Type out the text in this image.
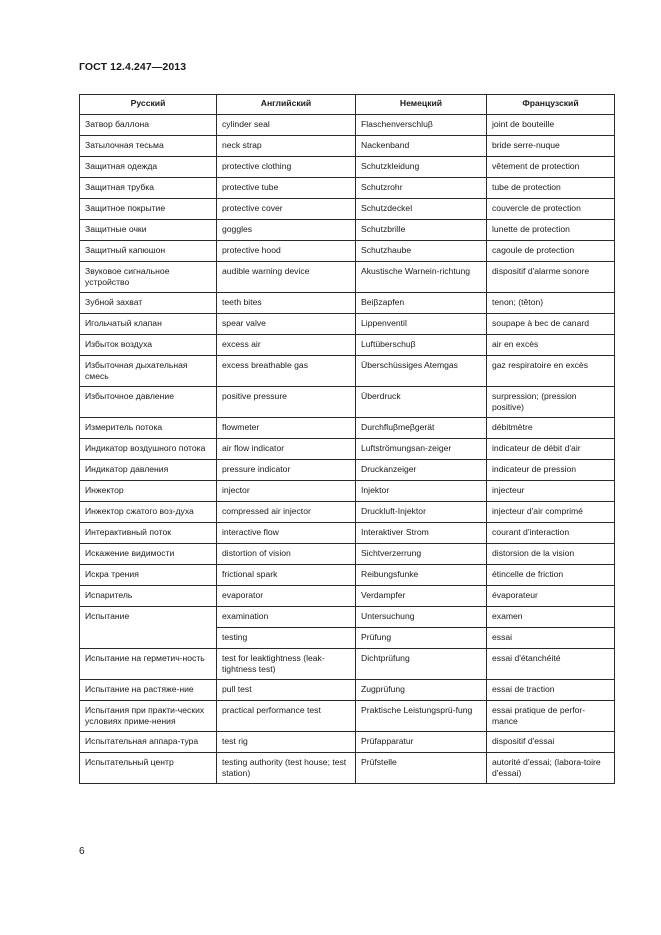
ГОСТ 12.4.247—2013
Русский	Английский	Немецкий	Французский
Затвор баллона	cylinder seal	Flaschenverschluβ	joint de bouteille
Затылочная тесьма	neck strap	Nackenband	bride serre-nuque
Защитная одежда	protective clothing	Schutzkleidung	vêtement de protection
Защитная трубка	protective tube	Schutzrohr	tube de protection
Защитное покрытие	protective cover	Schutzdeckel	couvercle de protection
Защитные очки	goggles	Schutzbrille	lunette de protection
Защитный капюшон	protective hood	Schutzhaube	cagoule de protection
Звуковое сигнальное устройство	audible warning device	Akustische Warnein-richtung	dispositif d'alarme sonore
Зубной захват	teeth bites	Beiβzapfen	tenon; (têton)
Игольчатый клапан	spear valve	Lippenventil	soupape à bec de canard
Избыток воздуха	excess air	Luftüberschuβ	air en excès
Избыточная дыхательная смесь	excess breathable gas	Überschüssiges Atemgas	gaz respiratoire en excès
Избыточное давление	positive pressure	Überdruck	surpression; (pression positive)
Измеритель потока	flowmeter	Durchfluβmeβgerät	débitmètre
Индикатор воздушного потока	air flow indicator	Luftströmungsan-zeiger	indicateur de débit d'air
Индикатор давления	pressure indicator	Druckanzeiger	indicateur de pression
Инжектор	injector	Injektor	injecteur
Инжектор сжатого воз-духа	compressed air injector	Druckluft-Injektor	injecteur d'air comprimé
Интерактивный поток	interactive flow	Interaktiver Strom	courant d'interaction
Искажение видимости	distortion of vision	Sichtverzerrung	distorsion de la vision
Искра трения	frictional spark	Reibungsfunke	étincelle de friction
Испаритель	evaporator	Verdampfer	évaporateur
Испытание	examination	Untersuchung	examen
	testing	Prüfung	essai
Испытание на герметич-ность	test for leaktightness (leak-tightness test)	Dichtprüfung	essai d'étanchéité
Испытание на растяже-ние	pull test	Zugprüfung	essai de traction
Испытания при практи-ческих условиях приме-нения	practical performance test	Praktische Leistungsprü-fung	essai pratique de perfor-mance
Испытательная аппара-тура	test rig	Prüfapparatur	dispositif d'essai
Испытательный центр	testing authority (test house; test station)	Prüfstelle	autorité d'essai; (labora-toire d'essai)
6
